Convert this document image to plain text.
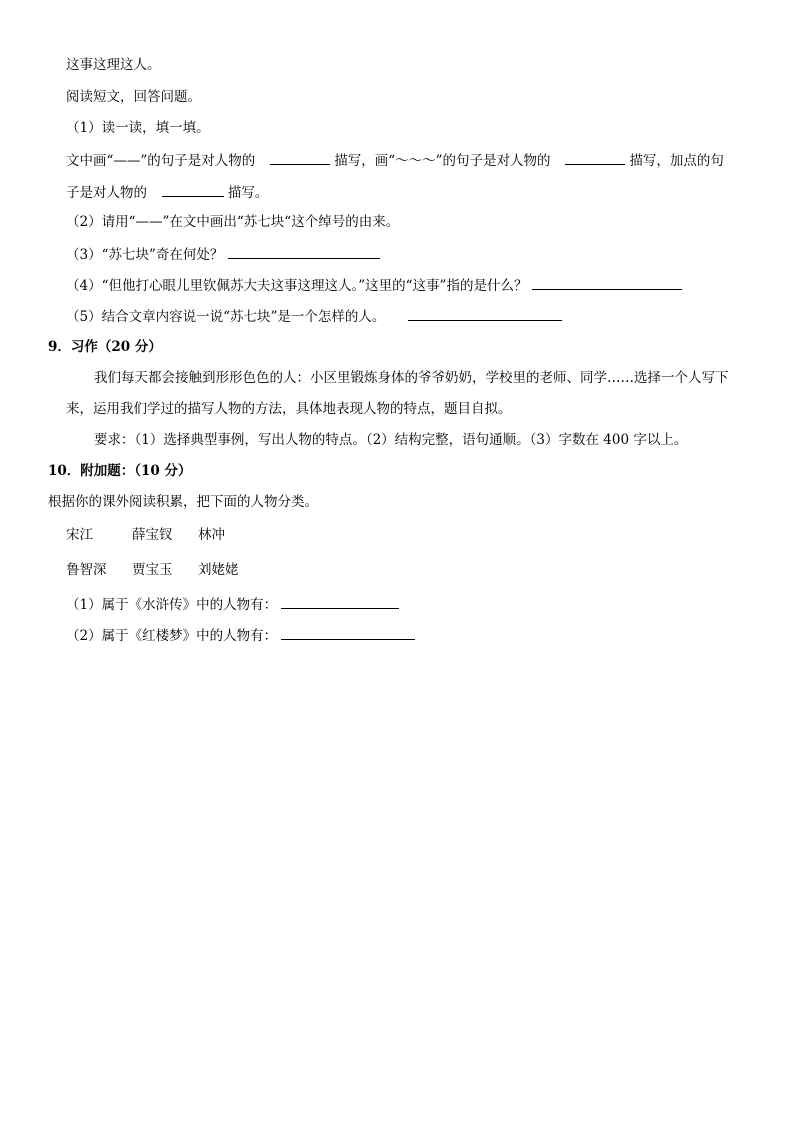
这事这理这人。
阅读短文，回答问题。
（1）读一读，填一填。
文中画“——”的句子是对人物的	描写，画“～～～”的句子是对人物的	描写，加点的句
子是对人物的	描写。
（2）请用“——”在文中画出“苏七块“这个绰号的由来。
（3）“苏七块”奇在何处？
（4）“但他打心眼儿里钦佩苏大夫这事这理这人。”这里的“这事”指的是什么？
（5）结合文章内容说一说“苏七块”是一个怎样的人。
9．习作（20 分）
我们每天都会接触到形形色色的人：小区里锻炼身体的爷爷奶奶，学校里的老师、同学……选择一个人写下
来，运用我们学过的描写人物的方法，具体地表现人物的特点，题目自拟。
要求：（1）选择典型事例，写出人物的特点。（2）结构完整，语句通顺。（3）字数在 400 字以上。
10．附加题：（10 分）
根据你的课外阅读积累，把下面的人物分类。
宋江	薛宝钗 林冲
鲁智深 贾宝玉 刘姥姥
（1）属于《水浒传》中的人物有：
（2）属于《红楼梦》中的人物有：
